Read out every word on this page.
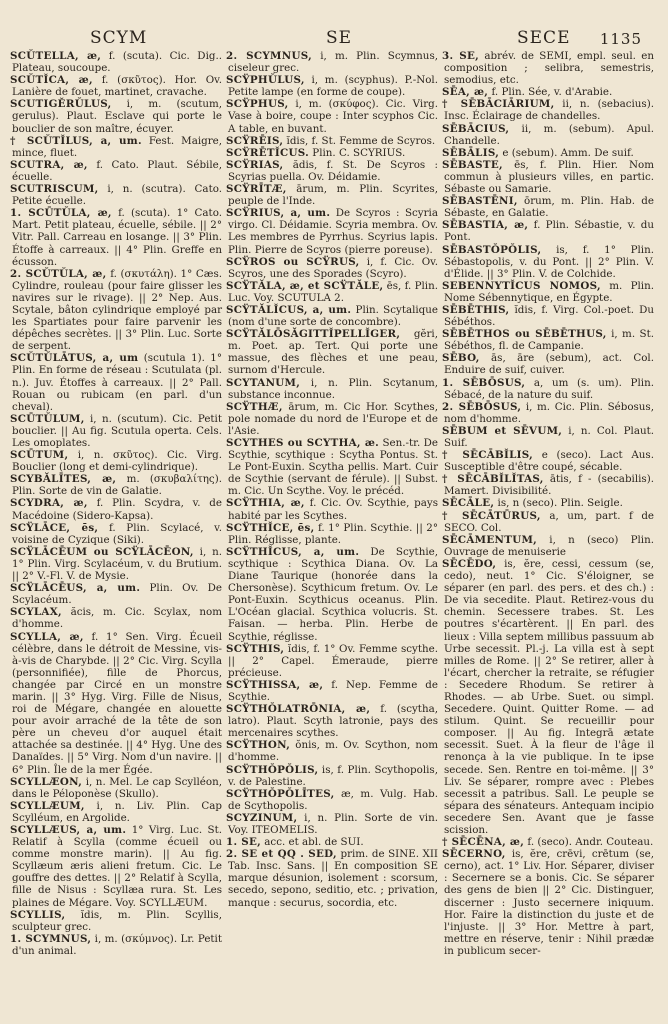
SCYM	SE	SECE 1135

SCŬTELLA, æ, f. (scuta). Cic. Dig.. Plateau, soucoupe.

SCŬTĬCA, æ, f. (σκῦτος). Hor. Ov. Lanière de fouet, martinet, cravache.

SCUTIGĔRŬLUS, i, m. (scutum, gerulus). Plaut. Esclave qui porte le bouclier de son maître, écuyer.

† SCŬTĬLUS, a, um. Fest. Maigre, mince, fluet.

SCUTRA, æ, f. Cato. Plaut. Sébile, écuelle.

SCUTRISCUM, i, n. (scutra). Cato. Petite écuelle.

1. SCŪTŬLA, æ, f. (scuta). 1° Cato. Mart. Petit plateau, écuelle, sébile. || 2° Vitr. Pall. Carreau en losange. || 3° Plin. Étoffe à carreaux. || 4° Plin. Greffe en écusson.

2. SCŬTŬLA, æ, f. (σκυτάλη). 1° Cæs. Cylindre, rouleau (pour faire glisser les navires sur le rivage). || 2° Nep. Aus. Scytale, bâton cylindrique employé par les Spartiates pour faire parvenir les dépêches secrètes. || 3° Plin. Luc. Sorte de serpent.

SCŬTŬLĀTUS, a, um (scutula 1). 1° Plin. En forme de réseau : Scutulata (pl. n.). Juv. Étoffes à carreaux. || 2° Pall. Rouan ou rubicam (en parl. d'un cheval).

SCŪTŬLUM, i, n. (scutum). Cic. Petit bouclier. || Au fig. Scutula operta. Cels. Les omoplates.

SCŪTUM, i, n. σκῦτος). Cic. Virg. Bouclier (long et demi-cylindrique).

SCYBĂLĪTES, æ, m. (σκυβαλίτης). Plin. Sorte de vin de Galatie.

SCYDRA, æ, f. Plin. Scydra, v. de Macédoine (Sidero-Kapsa).

SCŸLĀCE, ēs, f. Plin. Scylacé, v. voisine de Cyzique (Siki).

SCŸLĀCĒUM ou SCŸLĀCĒON, i, n. 1° Plin. Virg. Scylacéum, v. du Brutium. || 2° V.-Fl. V. de Mysie.

SCŸLĀCĒUS, a, um. Plin. Ov. De Scylacéum.

SCYLAX, ăcis, m. Cic. Scylax, nom d'homme.

SCYLLA, æ, f. 1° Sen. Virg. Écueil célèbre, dans le détroit de Messine, vis-à-vis de Charybde. || 2° Cic. Virg. Scylla (personnifiée), fille de Phorcus, changée par Circé en un monstre marin. || 3° Hyg. Virg. Fille de Nisus, roi de Mégare, changée en alouette pour avoir arraché de la tête de son père un cheveu d'or auquel était attachée sa destinée. || 4° Hyg. Une des Danaïdes. || 5° Virg. Nom d'un navire. || 6° Plin. Île de la mer Égée.

SCYLLÆON, i, n. Mel. Le cap Scylléon, dans le Péloponèse (Skullo).

SCYLLÆUM, i, n. Liv. Plin. Cap Scylléum, en Argolide.

SCYLLÆUS, a, um. 1° Virg. Luc. St. Relatif à Scylla (comme écueil ou comme monstre marin). || Au fig. Scyllæum æris alieni fretum. Cic. Le gouffre des dettes. || 2° Relatif à Scylla, fille de Nisus : Scyllæa rura. St. Les plaines de Mégare. Voy. SCYLLÆUM.

SCYLLIS, ĭdis, m. Plin. Scyllis, sculpteur grec.

1. SCYMNUS, i, m. (σκύμνος). Lr. Petit d'un animal.

2. SCYMNUS, i, m. Plin. Scymnus, ciseleur grec.

SCŸPHŬLUS, i, m. (scyphus). P.-Nol. Petite lampe (en forme de coupe).

SCŸPHUS, i, m. (σκύφος). Cic. Virg. Vase à boire, coupe : Inter scyphos Cic. A table, en buvant.

SCŸRĒIS, ĭdis, f. St. Femme de Scyros.

SCŸRĒTĬCUS. Plin. C. SCYRIUS.

SCŸRIAS, ădis, f. St. De Scyros : Scyrias puella. Ov. Déidamie.

SCŸRĪTÆ, ārum, m. Plin. Scyrites, peuple de l'Inde.

SCŸRIUS, a, um. De Scyros : Scyria virgo. Cl. Déidamie. Scyria membra. Ov. Les membres de Pyrrhus. Scyrius lapis. Plin. Pierre de Scyros (pierre poreuse).

SCŸROS ou SCŸRUS, i, f. Cic. Ov. Scyros, une des Sporades (Scyro).

SCŸTĂLA, æ, et SCŸTĂLE, ēs, f. Plin. Luc. Voy. SCUTULA 2.

SCŸTĂLĬCUS, a, um. Plin. Scytalique (nom d'une sorte de concombre).

SCŸTĂLŌSĂGITTĬPELLĬGER, gĕri, m. Poet. ap. Tert. Qui porte une massue, des flèches et une peau, surnom d'Hercule.

SCYTANUM, i, n. Plin. Scytanum, substance inconnue.

SCŸTHÆ, ārum, m. Cic Hor. Scythes, pole nomade du nord de l'Europe et de l'Asie.

SCYTHES ou SCYTHA, æ. Sen.-tr. De Scythie, scythique : Scytha Pontus. St. Le Pont-Euxin. Scytha pellis. Mart. Cuir de Scythie (servant de férule). || Subst. m. Cic. Un Scythe. Voy. le précéd.

SCŸTHIA, æ, f. Cic. Ov. Scythie, pays habité par les Scythes.

SCŸTHĬCE, ēs, f. 1° Plin. Scythie. || 2° Plin. Réglisse, plante.

SCŸTHĬCUS, a, um. De Scythie, scythique : Scythica Diana. Ov. La Diane Taurique (honorée dans la Chersonèse). Scythicum fretum. Ov. Le Pont-Euxin. Scythicus oceanus. Plin. L'Océan glacial. Scythica volucris. St. Faisan. — herba. Plin. Herbe de Scythie, réglisse.

SCŸTHIS, ĭdis, f. 1° Ov. Femme scythe. || 2° Capel. Émeraude, pierre précieuse.

SCŸTHISSA, æ, f. Nep. Femme de Scythie.

SCŸTHŎLATRŌNIA, æ, f. (scytha, latro). Plaut. Scyth latronie, pays des mercenaires scythes.

SCŸTHON, ŏnis, m. Ov. Scython, nom d'homme.

SCŸTHŎPŎLIS, is, f. Plin. Scythopolis, v. de Palestine.

SCŸTHŎPŎLĪTES, æ, m. Vulg. Hab. de Scythopolis.

SCYZINUM, i, n. Plin. Sorte de vin. Voy. ITEOMELIS.

1. SE, acc. et abl. de SUI.

2. SE et QQ . SED, prim. de SINE. XII Tab. Insc. Sans. || En composition SE marque désunion, isolement : scorsum, secedo, sepono, seditio, etc. ; privation, manque : securus, socordia, etc.

3. SE, abrév. de SEMI, empl. seul. en composition ; selibra, semestris, semodius, etc.

SĒA, æ, f. Plin. Sée, v. d'Arabie.

† SĒBĀCIĀRIUM, ii, n. (sebacius). Insc. Éclairage de chandelles.

SĒBĀCIUS, ii, m. (sebum). Apul. Chandelle.

SĒBĀLIS, e (sebum). Amm. De suif.

SĒBASTE, ēs, f. Plin. Hier. Nom commun à plusieurs villes, en partic. Sébaste ou Samarie.

SĒBASTĒNI, ōrum, m. Plin. Hab. de Sébaste, en Galatie.

SĒBASTIA, æ, f. Plin. Sébastie, v. du Pont.

SĒBASTŎPŎLIS, is, f. 1° Plin. Sébastopolis, v. du Pont. || 2° Plin. V. d'Élide. || 3° Plin. V. de Colchide.

SEBENNYTĬCUS NOMOS, m. Plin. Nome Sébennytique, en Égypte.

SĒBĒTHIS, ĭdis, f. Virg. Col.-poet. Du Sébéthos.

SĒBĒTHOS ou SĒBĒTHUS, i, m. St. Sébéthos, fl. de Campanie.

SĒBO, ās, āre (sebum), act. Col. Enduire de suif, cuiver.

1. SĒBŌSUS, a, um (s. um). Plin. Sébacé, de la nature du suif.

2. SĒBŌSUS, i, m. Cic. Plin. Sébosus, nom d'homme.

SĒBUM et SĒVUM, i, n. Col. Plaut. Suif.

† SĒCĀBĬLIS, e (seco). Lact Aus. Susceptible d'être coupé, sécable.

† SĒCĀBĬLĬTAS, ātis, f - (secabilis). Mamert. Divisibilité.

SĒCĀLE, is, n (seco). Plin. Seigle.

† SĒCĀTŪRUS, a, um, part. f de SECO. Col.

SĒCĀMENTUM, i, n (seco) Plin. Ouvrage de menuiserie

SĒCĒDO, is, ĕre, cessi, cessum (se, cedo), neut. 1° Cic. S'éloigner, se séparer (en parl. des pers. et des ch.) : De via secedite. Plaut. Retirez-vous du chemin. Secessere trabes. St. Les poutres s'écartèrent. || En parl. des lieux : Villa septem millibus passuum ab Urbe secessit. Pl.-j. La villa est à sept milles de Rome. || 2° Se retirer, aller à l'écart, chercher la retraite, se réfugier : Secedere Rhodum. Se retirer à Rhodes. — ab Urbe. Suet. ou simpl. Secedere. Quint. Quitter Rome. — ad stilum. Quint. Se recueillir pour composer. || Au fig. Integrā ætate secessit. Suet. À la fleur de l'âge il renonça à la vie publique. In te ipse secede. Sen. Rentre en toi-même. || 3° Liv. Se séparer, rompre avec : Plebes secessit a patribus. Sall. Le peuple se sépara des sénateurs. Antequam incipio secedere Sen. Avant que je fasse scission.

† SĒCĒNA, æ, f. (seco). Andr. Couteau.

SĒCERNO, is, ĕre, crēvi, crētum (se, cerno), act. 1° Liv. Hor. Séparer, diviser : Secernere se a bonis. Cic. Se séparer des gens de bien || 2° Cic. Distinguer, discerner : Justo secernere iniquum. Hor. Faire la distinction du juste et de l'injuste. || 3° Hor. Mettre à part, mettre en réserve, tenir : Nihil prædæ in publicum secer-
